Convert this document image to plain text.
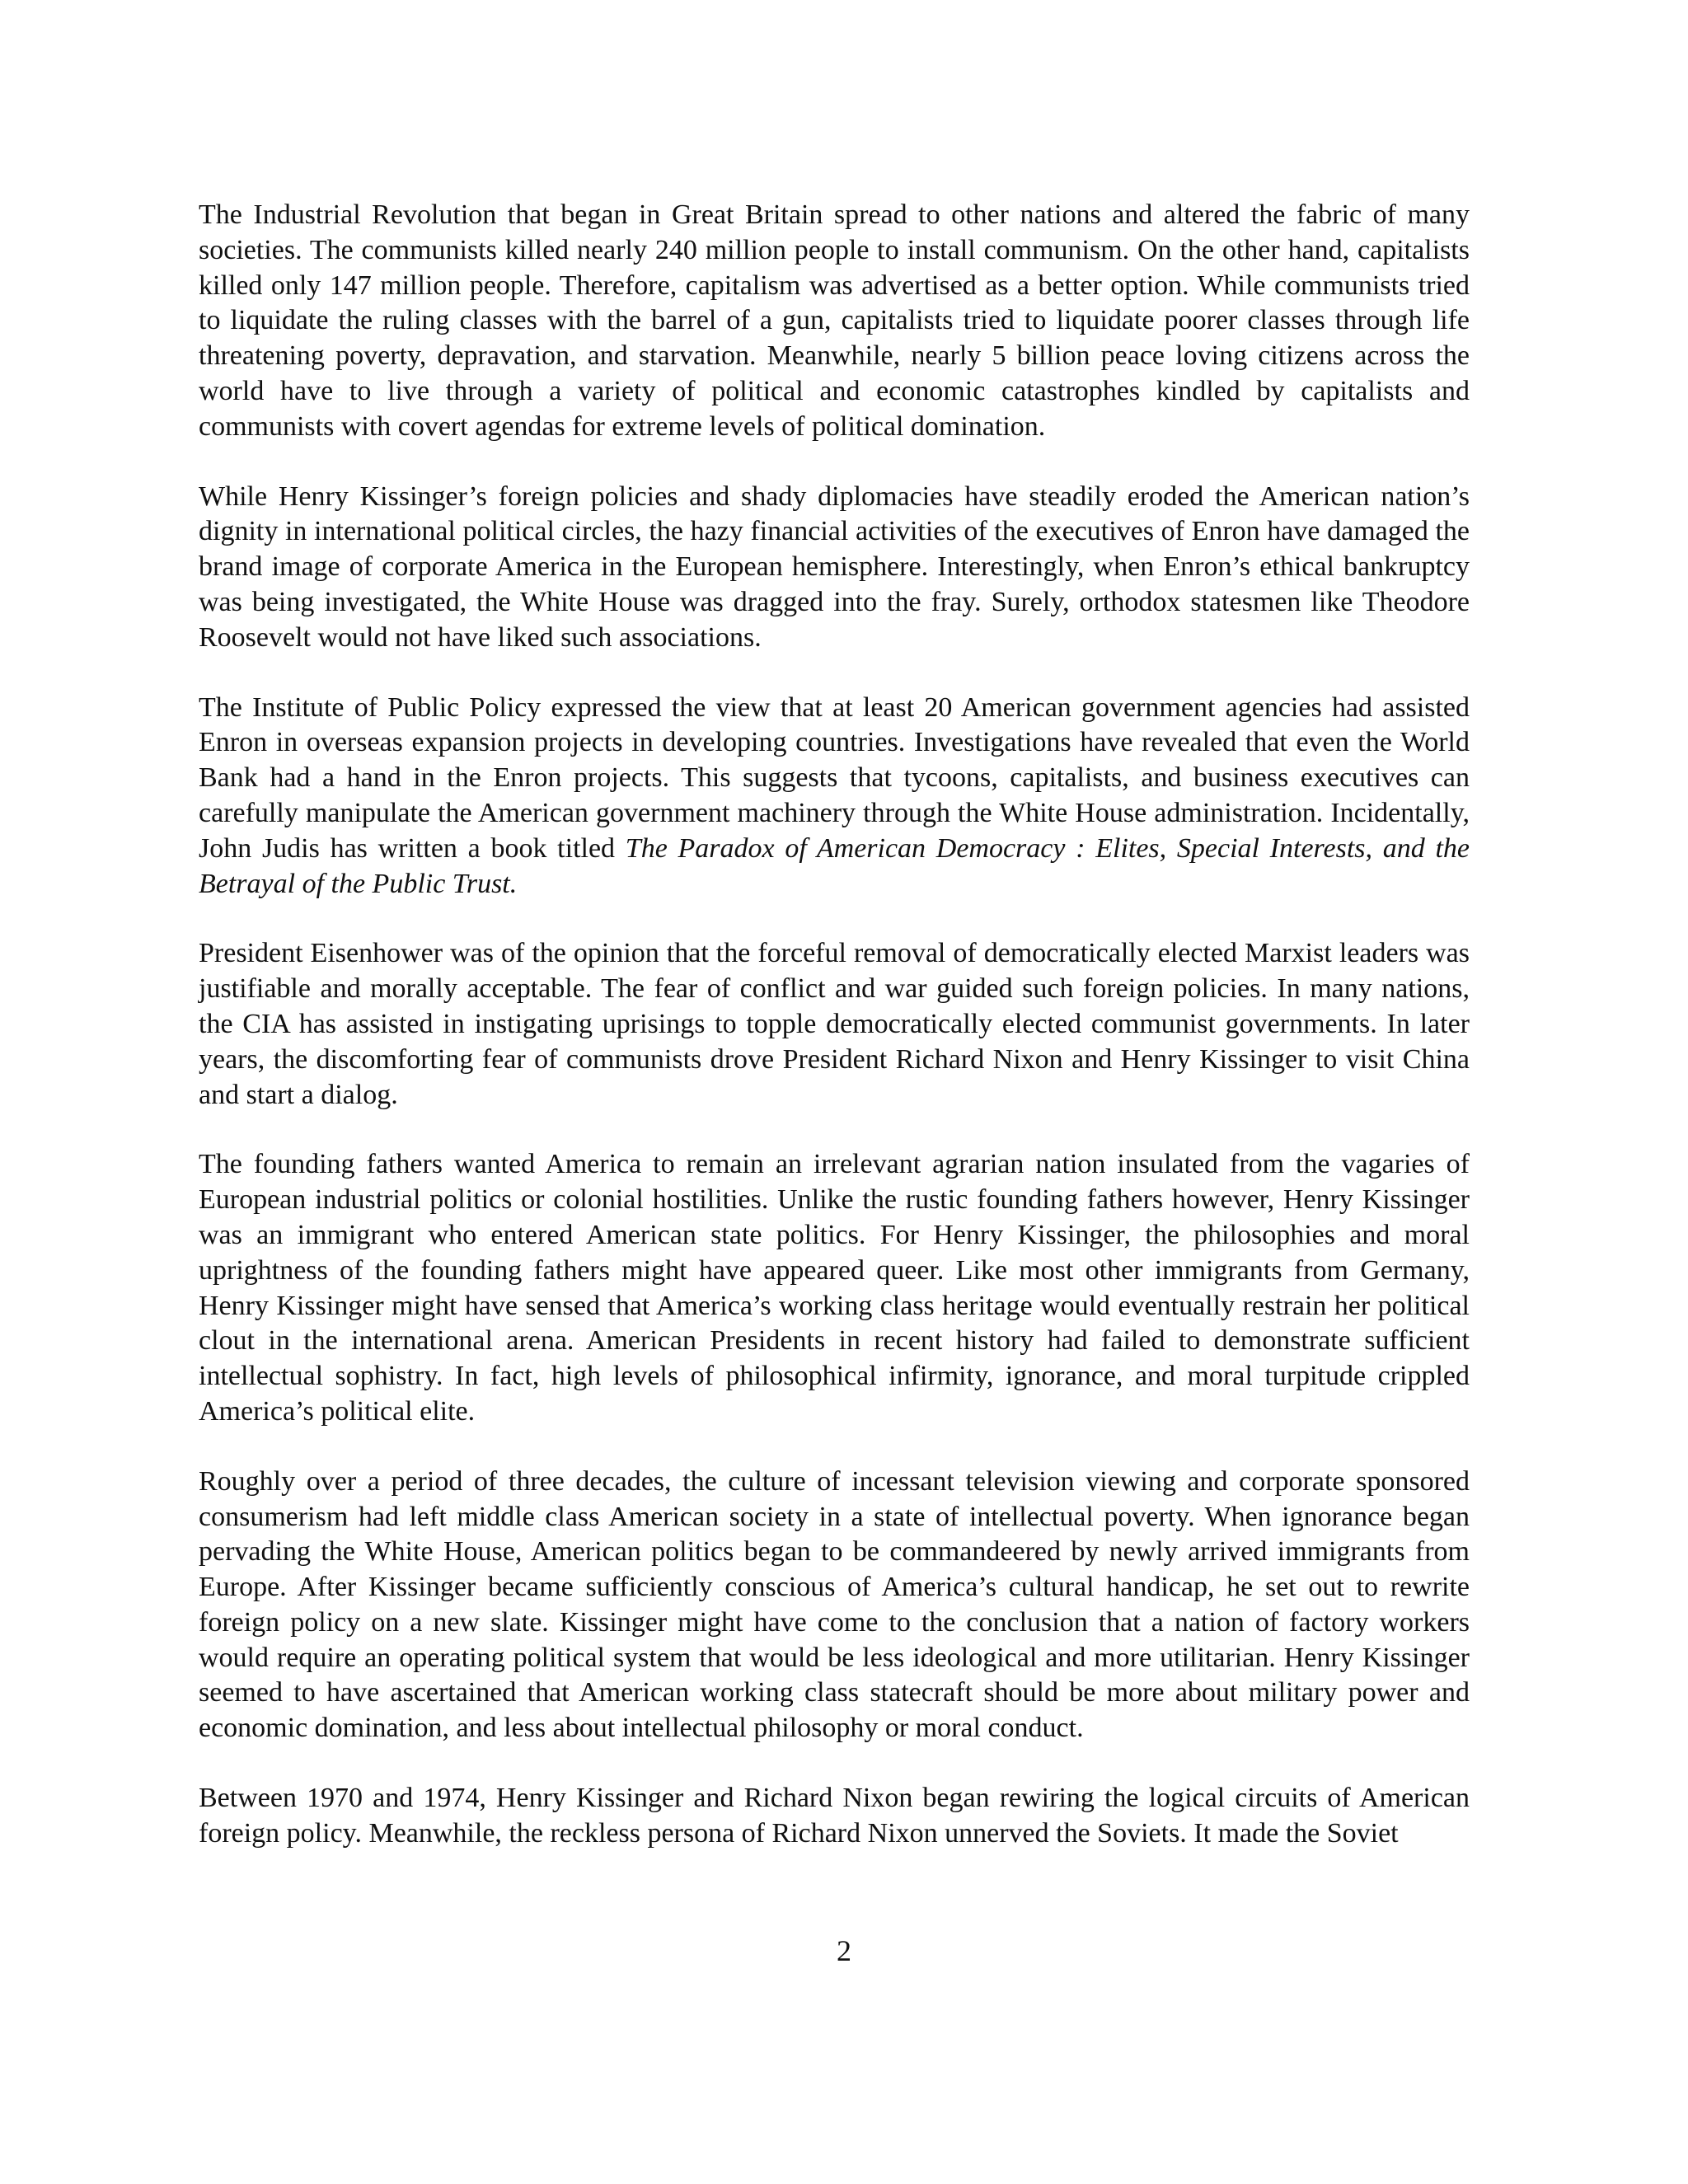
The Industrial Revolution that began in Great Britain spread to other nations and altered the fabric of many societies. The communists killed nearly 240 million people to install communism. On the other hand, capitalists killed only 147 million people. Therefore, capitalism was advertised as a better option. While communists tried to liquidate the ruling classes with the barrel of a gun, capitalists tried to liquidate poorer classes through life threatening poverty, depravation, and starvation. Meanwhile, nearly 5 billion peace loving citizens across the world have to live through a variety of political and economic catastrophes kindled by capitalists and communists with covert agendas for extreme levels of political domination.

While Henry Kissinger’s foreign policies and shady diplomacies have steadily eroded the American nation’s dignity in international political circles, the hazy financial activities of the executives of Enron have damaged the brand image of corporate America in the European hemisphere. Interestingly, when Enron’s ethical bankruptcy was being investigated, the White House was dragged into the fray. Surely, orthodox statesmen like Theodore Roosevelt would not have liked such associations.

The Institute of Public Policy expressed the view that at least 20 American government agencies had assisted Enron in overseas expansion projects in developing countries. Investigations have revealed that even the World Bank had a hand in the Enron projects. This suggests that tycoons, capitalists, and business executives can carefully manipulate the American government machinery through the White House administration. Incidentally, John Judis has written a book titled The Paradox of American Democracy : Elites, Special Interests, and the Betrayal of the Public Trust.

President Eisenhower was of the opinion that the forceful removal of democratically elected Marxist leaders was justifiable and morally acceptable. The fear of conflict and war guided such foreign policies. In many nations, the CIA has assisted in instigating uprisings to topple democratically elected communist governments. In later years, the discomforting fear of communists drove President Richard Nixon and Henry Kissinger to visit China and start a dialog.

The founding fathers wanted America to remain an irrelevant agrarian nation insulated from the vagaries of European industrial politics or colonial hostilities. Unlike the rustic founding fathers however, Henry Kissinger was an immigrant who entered American state politics. For Henry Kissinger, the philosophies and moral uprightness of the founding fathers might have appeared queer. Like most other immigrants from Germany, Henry Kissinger might have sensed that America’s working class heritage would eventually restrain her political clout in the international arena. American Presidents in recent history had failed to demonstrate sufficient intellectual sophistry. In fact, high levels of philosophical infirmity, ignorance, and moral turpitude crippled America’s political elite.

Roughly over a period of three decades, the culture of incessant television viewing and corporate sponsored consumerism had left middle class American society in a state of intellectual poverty. When ignorance began pervading the White House, American politics began to be commandeered by newly arrived immigrants from Europe. After Kissinger became sufficiently conscious of America’s cultural handicap, he set out to rewrite foreign policy on a new slate. Kissinger might have come to the conclusion that a nation of factory workers would require an operating political system that would be less ideological and more utilitarian. Henry Kissinger seemed to have ascertained that American working class statecraft should be more about military power and economic domination, and less about intellectual philosophy or moral conduct.

Between 1970 and 1974, Henry Kissinger and Richard Nixon began rewiring the logical circuits of American foreign policy. Meanwhile, the reckless persona of Richard Nixon unnerved the Soviets. It made the Soviet

2
